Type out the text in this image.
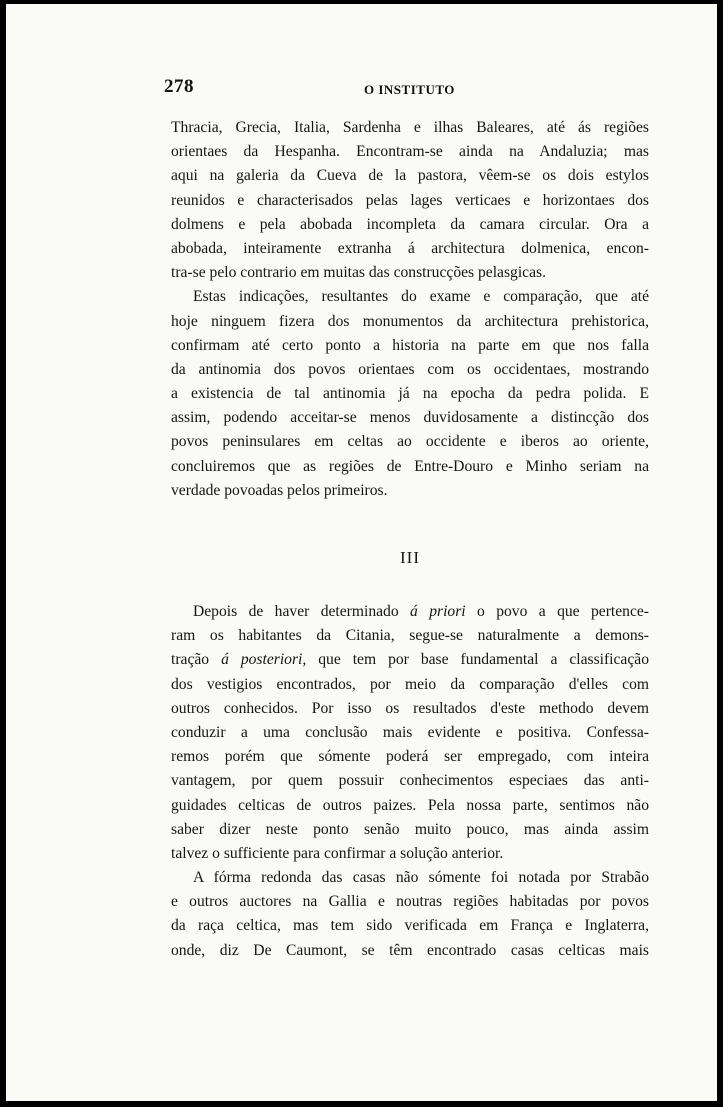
278	O INSTITUTO

Thracia, Grecia, Italia, Sardenha e ilhas Baleares, até ás regiões
orientaes da Hespanha. Encontram-se ainda na Andaluzia; mas
aqui na galeria da Cueva de la pastora, vêem-se os dois estylos
reunidos e characterisados pelas lages verticaes e horizontaes dos
dolmens e pela abobada incompleta da camara circular. Ora a
abobada, inteiramente extranha á architectura dolmenica, encon-
tra-se pelo contrario em muitas das construcções pelasgicas.

Estas indicações, resultantes do exame e comparação, que até
hoje ninguem fizera dos monumentos da architectura prehistorica,
confirmam até certo ponto a historia na parte em que nos falla
da antinomia dos povos orientaes com os occidentaes, mostrando
a existencia de tal antinomia já na epocha da pedra polida. E
assim, podendo acceitar-se menos duvidosamente a distincção dos
povos peninsulares em celtas ao occidente e iberos ao oriente,
concluiremos que as regiões de Entre-Douro e Minho seriam na
verdade povoadas pelos primeiros.

III

Depois de haver determinado á priori o povo a que pertence-
ram os habitantes da Citania, segue-se naturalmente a demons-
tração á posteriori, que tem por base fundamental a classificação
dos vestigios encontrados, por meio da comparação d'elles com
outros conhecidos. Por isso os resultados d'este methodo devem
conduzir a uma conclusão mais evidente e positiva. Confessa-
remos porém que sómente poderá ser empregado, com inteira
vantagem, por quem possuir conhecimentos especiaes das anti-
guidades celticas de outros paizes. Pela nossa parte, sentimos não
saber dizer neste ponto senão muito pouco, mas ainda assim
talvez o sufficiente para confirmar a solução anterior.

A fórma redonda das casas não sómente foi notada por Strabão
e outros auctores na Gallia e noutras regiões habitadas por povos
da raça celtica, mas tem sido verificada em França e Inglaterra,
onde, diz De Caumont, se têm encontrado casas celticas mais
